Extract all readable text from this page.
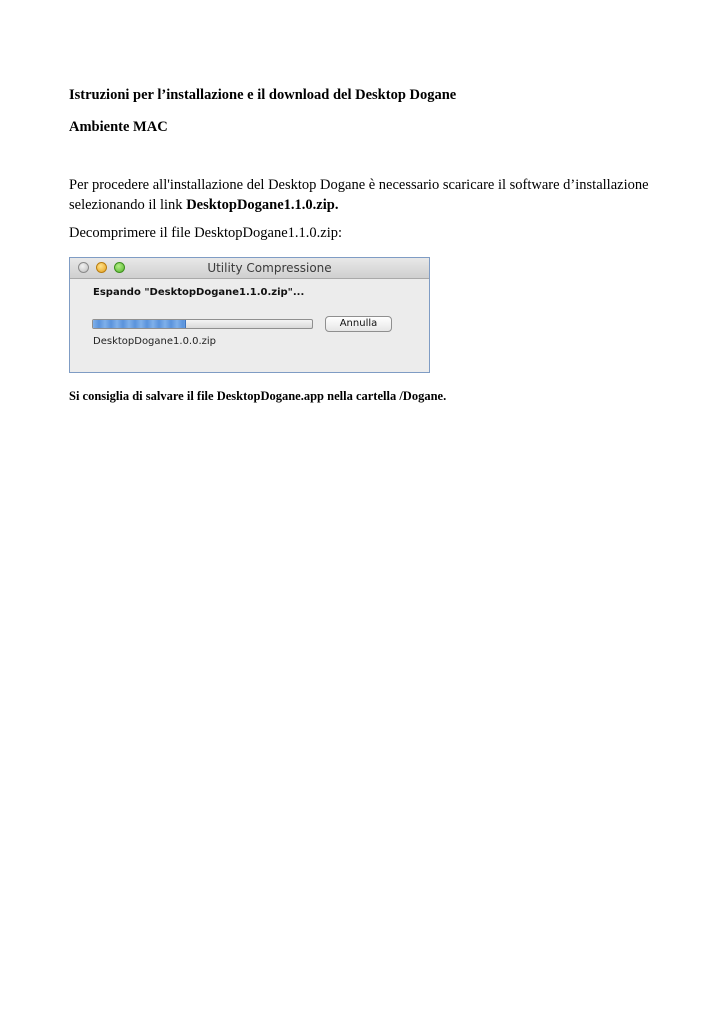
Istruzioni per l’installazione e il download del Desktop Dogane
Ambiente MAC
Per procedere all'installazione del Desktop Dogane è necessario scaricare il software d’installazione selezionando il link DesktopDogane1.1.0.zip.
Decomprimere il file DesktopDogane1.1.0.zip:
Si consiglia di salvare il file DesktopDogane.app nella cartella /Dogane.
Utility Compressione
Espando "DesktopDogane1.1.0.zip"...
Annulla
DesktopDogane1.0.0.zip
